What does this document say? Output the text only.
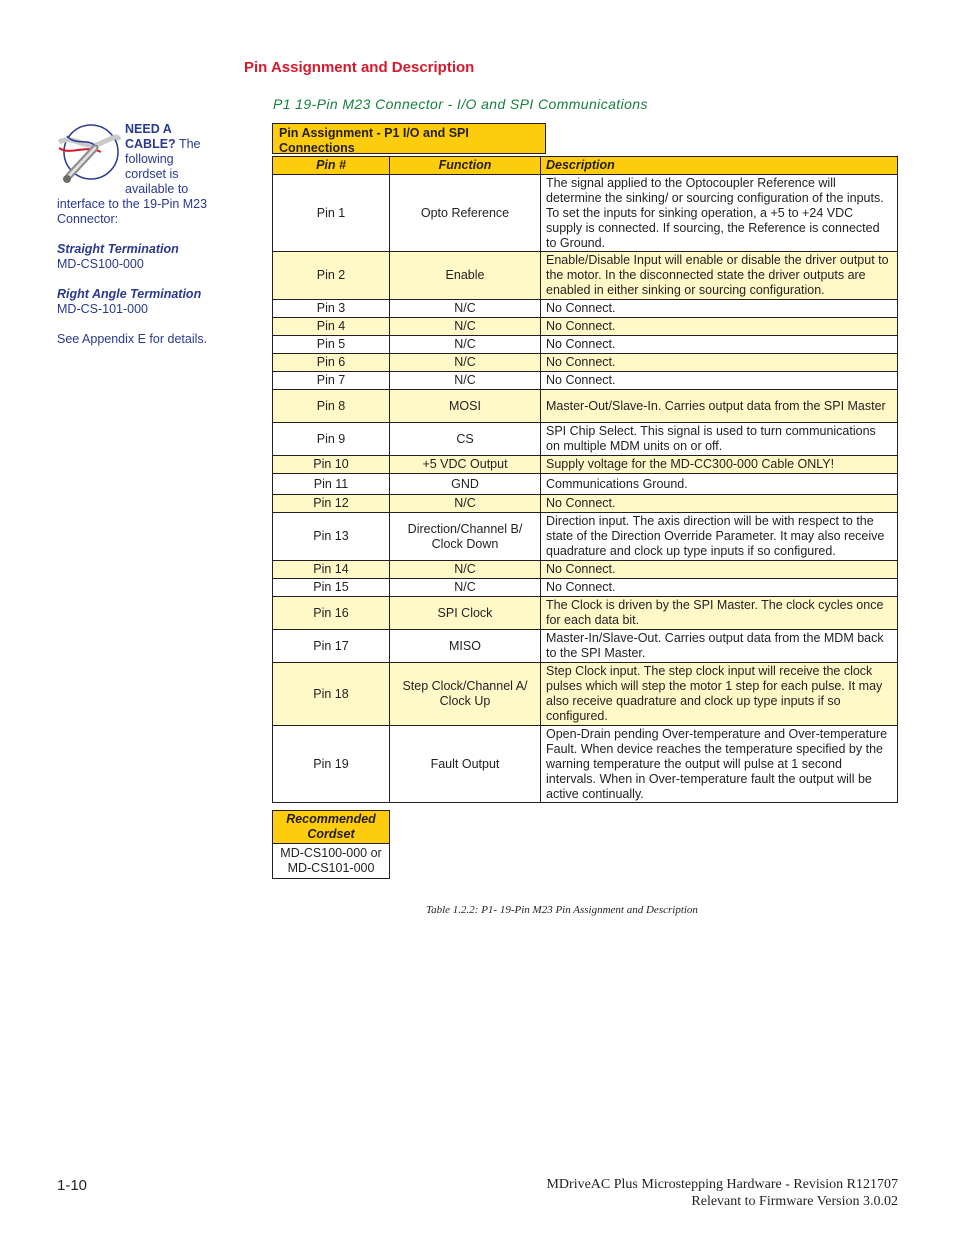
Pin Assignment and Description
P1 19-Pin M23 Connector - I/O and SPI Communications
NEED A CABLE? The following cordset is available to interface to the 19-Pin M23 Connector:
Straight Termination
MD-CS100-000
Right Angle Termination
MD-CS-101-000
See Appendix E for details.
Pin Assignment - P1 I/O and SPI Connections
Pin #	Function	Description
Pin 1	Opto Reference	The signal applied to the Optocoupler Reference will determine the sinking/ or sourcing configuration of the inputs. To set the inputs for sinking operation, a +5 to +24 VDC supply is connected. If sourcing, the Reference is connected to Ground.
Pin 2	Enable	Enable/Disable Input will enable or disable the driver output to the motor. In the disconnected state the driver outputs are enabled in either sinking or sourcing configuration.
Pin 3	N/C	No Connect.
Pin 4	N/C	No Connect.
Pin 5	N/C	No Connect.
Pin 6	N/C	No Connect.
Pin 7	N/C	No Connect.
Pin 8	MOSI	Master-Out/Slave-In. Carries output data from the SPI Master
Pin 9	CS	SPI Chip Select. This signal is used to turn communications on multiple MDM units on or off.
Pin 10	+5 VDC Output	Supply voltage for the MD-CC300-000 Cable ONLY!
Pin 11	GND	Communications Ground.
Pin 12	N/C	No Connect.
Pin 13	Direction/Channel B/ Clock Down	Direction input. The axis direction will be with respect to the state of the Direction Override Parameter. It may also receive quadrature and clock up type inputs if so configured.
Pin 14	N/C	No Connect.
Pin 15	N/C	No Connect.
Pin 16	SPI Clock	The Clock is driven by the SPI Master. The clock cycles once for each data bit.
Pin 17	MISO	Master-In/Slave-Out. Carries output data from the MDM back to the SPI Master.
Pin 18	Step Clock/Channel A/ Clock Up	Step Clock input. The step clock input will receive the clock pulses which will step the motor 1 step for each pulse. It may also receive quadrature and clock up type inputs if so configured.
Pin 19	Fault Output	Open-Drain pending Over-temperature and Over-temperature Fault. When device reaches the temperature specified by the warning temperature the output will pulse at 1 second intervals. When in Over-temperature fault the output will be active continually.
Recommended Cordset
MD-CS100-000 or MD-CS101-000
Table 1.2.2: P1- 19-Pin M23 Pin Assignment and Description
1-10	MDriveAC Plus Microstepping Hardware - Revision R121707
Relevant to Firmware Version 3.0.02
